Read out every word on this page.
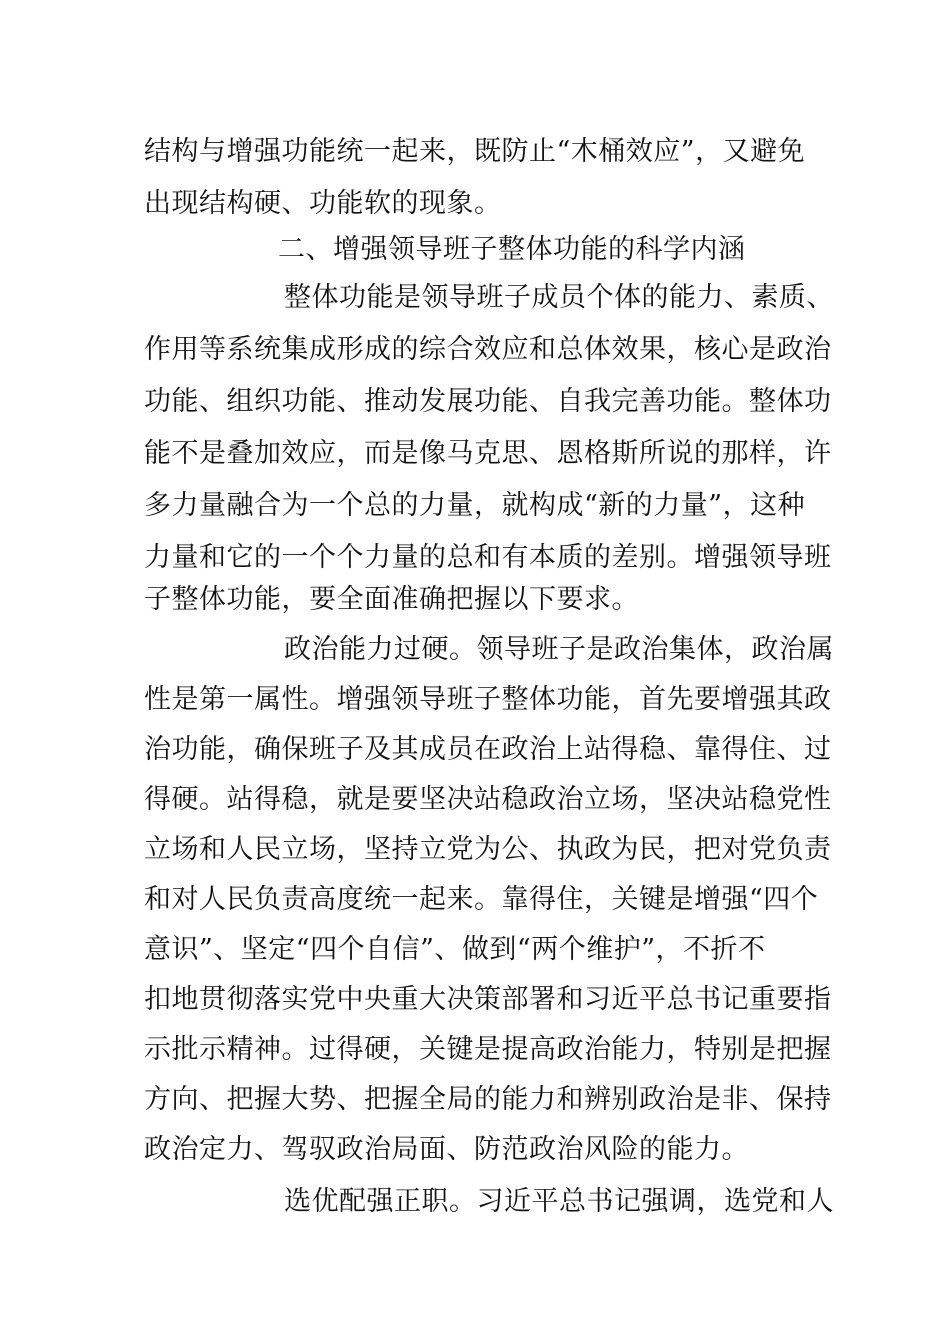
结构与增强功能统一起来，既防止“木桶效应”，又避免
出现结构硬、功能软的现象。
二、增强领导班子整体功能的科学内涵
整体功能是领导班子成员个体的能力、素质、
作用等系统集成形成的综合效应和总体效果，核心是政治
功能、组织功能、推动发展功能、自我完善功能。整体功
能不是叠加效应，而是像马克思、恩格斯所说的那样，许
多力量融合为一个总的力量，就构成“新的力量”，这种
力量和它的一个个力量的总和有本质的差别。增强领导班
子整体功能，要全面准确把握以下要求。
政治能力过硬。领导班子是政治集体，政治属
性是第一属性。增强领导班子整体功能，首先要增强其政
治功能，确保班子及其成员在政治上站得稳、靠得住、过
得硬。站得稳，就是要坚决站稳政治立场，坚决站稳党性
立场和人民立场，坚持立党为公、执政为民，把对党负责
和对人民负责高度统一起来。靠得住，关键是增强“四个
意识”、坚定“四个自信”、做到“两个维护”，不折不
扣地贯彻落实党中央重大决策部署和习近平总书记重要指
示批示精神。过得硬，关键是提高政治能力，特别是把握
方向、把握大势、把握全局的能力和辨别政治是非、保持
政治定力、驾驭政治局面、防范政治风险的能力。
选优配强正职。习近平总书记强调，选党和人
